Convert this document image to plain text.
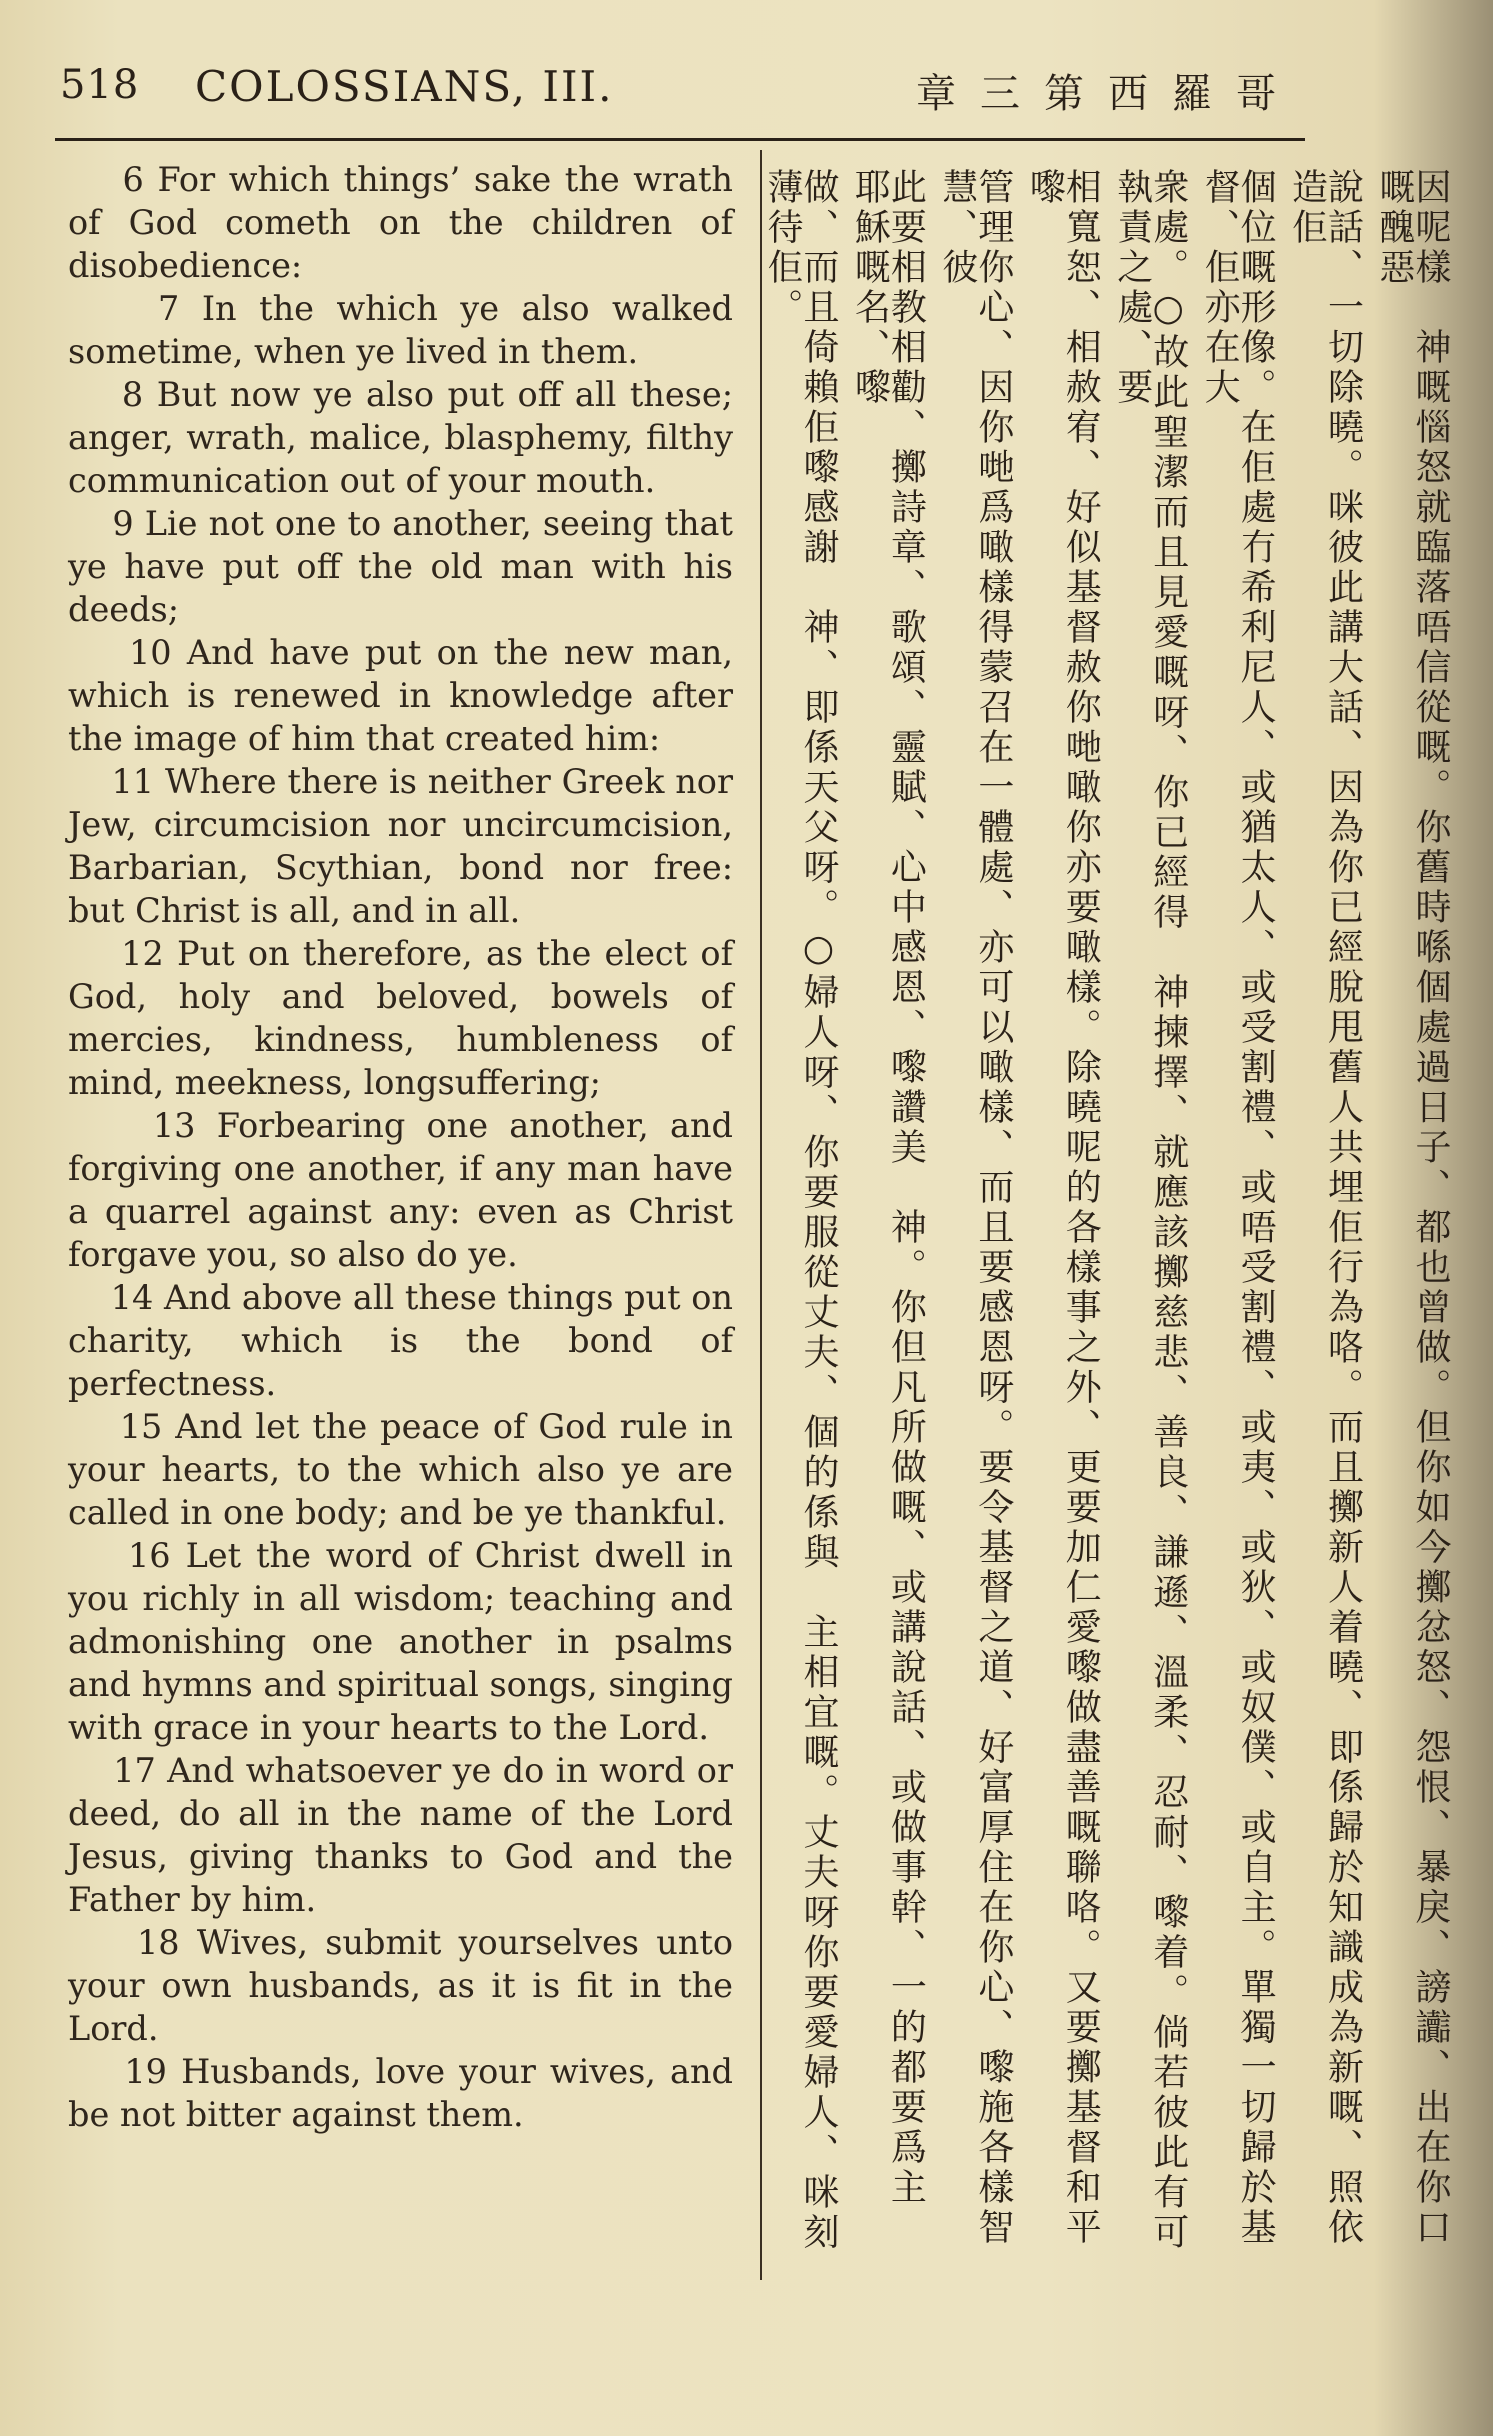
518 COLOSSIANS, III.	章三第西羅哥

6 For which things’ sake the wrath of God cometh on the children of disobedience:

7 In the which ye also walked sometime, when ye lived in them.

8 But now ye also put off all these; anger, wrath, malice, blasphemy, filthy communication out of your mouth.

9 Lie not one to another, seeing that ye have put off the old man with his deeds;

10 And have put on the new man, which is renewed in knowledge after the image of him that created him:

11 Where there is neither Greek nor Jew, circumcision nor uncircumcision, Barbarian, Scythian, bond nor free: but Christ is all, and in all.

12 Put on therefore, as the elect of God, holy and beloved, bowels of mercies, kindness, humbleness of mind, meekness, longsuffering;

13 Forbearing one another, and forgiving one another, if any man have a quarrel against any: even as Christ forgave you, so also do ye.

14 And above all these things put on charity, which is the bond of perfectness.

15 And let the peace of God rule in your hearts, to the which also ye are called in one body; and be ye thankful.

16 Let the word of Christ dwell in you richly in all wisdom; teaching and admonishing one another in psalms and hymns and spiritual songs, singing with grace in your hearts to the Lord.

17 And whatsoever ye do in word or deed, do all in the name of the Lord Jesus, giving thanks to God and the Father by him.

18 Wives, submit yourselves unto your own husbands, as it is fit in the Lord.

19 Husbands, love your wives, and be not bitter against them.	因呢樣　神嘅惱怒就臨落唔信從嘅。你舊時喺個處過日子、都也曾做。但你如今擲忿怒、怨恨、暴戾、謗讟、出在你口嘅醜惡
說話、一切除曉。咪彼此講大話、因為你已經脫甩舊人共埋佢行為咯。而且擲新人着曉、即係歸於知識成為新嘅、照依造佢
個位嘅形像。在佢處冇希利尼人、或猶太人、或受割禮、或唔受割禮、或夷、或狄、或奴僕、或自主。單獨一切歸於基督、佢亦在大
衆處。○故此聖潔而且見愛嘅呀、你已經得　神揀擇、就應該擲慈悲、善良、謙遜、溫柔、忍耐、嚟着。倘若彼此有可執責之處、要
相寬恕、相赦宥、好似基督赦你哋噉你亦要噉樣。除曉呢的各樣事之外、更要加仁愛嚟做盡善嘅聯咯。又要擲基督和平嚟
管理你心、因你哋爲噉樣得蒙召在一體處、亦可以噉樣、而且要感恩呀。要令基督之道、好富厚住在你心、嚟施各樣智慧、彼
此要相教相勸、擲詩章、歌頌、靈賦、心中感恩、嚟讚美　神。你但凡所做嘅、或講說話、或做事幹、一的都要爲主　耶穌嘅名、嚟
做、而且倚賴佢嚟感謝　神、即係天父呀。○婦人呀、你要服從丈夫、個的係與　主相宜嘅。丈夫呀你要愛婦人、咪刻薄待佢。
